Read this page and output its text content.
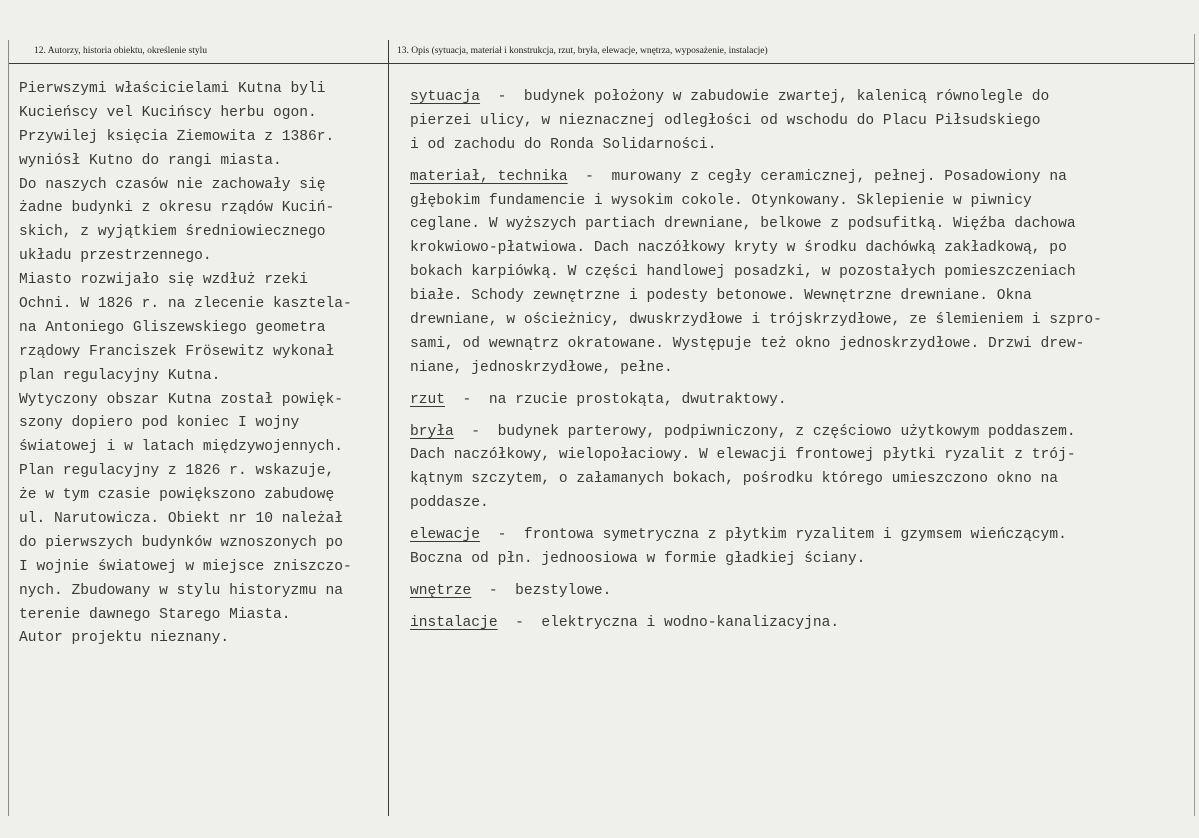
12. Autorzy, historia obiektu, określenie stylu	13. Opis (sytuacja, materiał i konstrukcja, rzut, bryła, elewacje, wnętrza, wyposażenie, instalacje)
Pierwszymi właścicielami Kutna byli
Kucieńscy vel Kucińscy herbu ogon.
Przywilej księcia Ziemowita z 1386r.
wyniósł Kutno do rangi miasta.
Do naszych czasów nie zachowały się
żadne budynki z okresu rządów Kuciń-
skich, z wyjątkiem średniowiecznego
układu przestrzennego.
Miasto rozwijało się wzdłuż rzeki
Ochni. W 1826 r. na zlecenie kasztela-
na Antoniego Gliszewskiego geometra
rządowy Franciszek Frösewitz wykonał
plan regulacyjny Kutna.
Wytyczony obszar Kutna został powięk-
szony dopiero pod koniec I wojny
światowej i w latach międzywojennych.
Plan regulacyjny z 1826 r. wskazuje,
że w tym czasie powiększono zabudowę
ul. Narutowicza. Obiekt nr 10 należał
do pierwszych budynków wznoszonych po
I wojnie światowej w miejsce zniszczo-
nych. Zbudowany w stylu historyzmu na
terenie dawnego Starego Miasta.
Autor projektu nieznany.
sytuacja  -  budynek położony w zabudowie zwartej, kalenicą równolegle do
pierzei ulicy, w nieznacznej odległości od wschodu do Placu Piłsudskiego
i od zachodu do Ronda Solidarności.
materiał, technika  -  murowany z cegły ceramicznej, pełnej. Posadowiony na
głębokim fundamencie i wysokim cokole. Otynkowany. Sklepienie w piwnicy
ceglane. W wyższych partiach drewniane, belkowe z podsufitką. Więźba dachowa
krokwiowo-płatwiowa. Dach naczółkowy kryty w środku dachówką zakładkową, po
bokach karpiówką. W części handlowej posadzki, w pozostałych pomieszczeniach
białe. Schody zewnętrzne i podesty betonowe. Wewnętrzne drewniane. Okna
drewniane, w ościeżnicy, dwuskrzydłowe i trójskrzydłowe, ze ślemieniem i szpro-
sami, od wewnątrz okratowane. Występuje też okno jednoskrzydłowe. Drzwi drew-
niane, jednoskrzydłowe, pełne.
rzut  -  na rzucie prostokąta, dwutraktowy.
bryła  -  budynek parterowy, podpiwniczony, z częściowo użytkowym poddaszem.
Dach naczółkowy, wielopołaciowy. W elewacji frontowej płytki ryzalit z trój-
kątnym szczytem, o załamanych bokach, pośrodku którego umieszczono okno na
poddasze.
elewacje  -  frontowa symetryczna z płytkim ryzalitem i gzymsem wieńczącym.
Boczna od płn. jednoosiowa w formie gładkiej ściany.
wnętrze  -  bezstylowe.
instalacje  -  elektryczna i wodno-kanalizacyjna.
